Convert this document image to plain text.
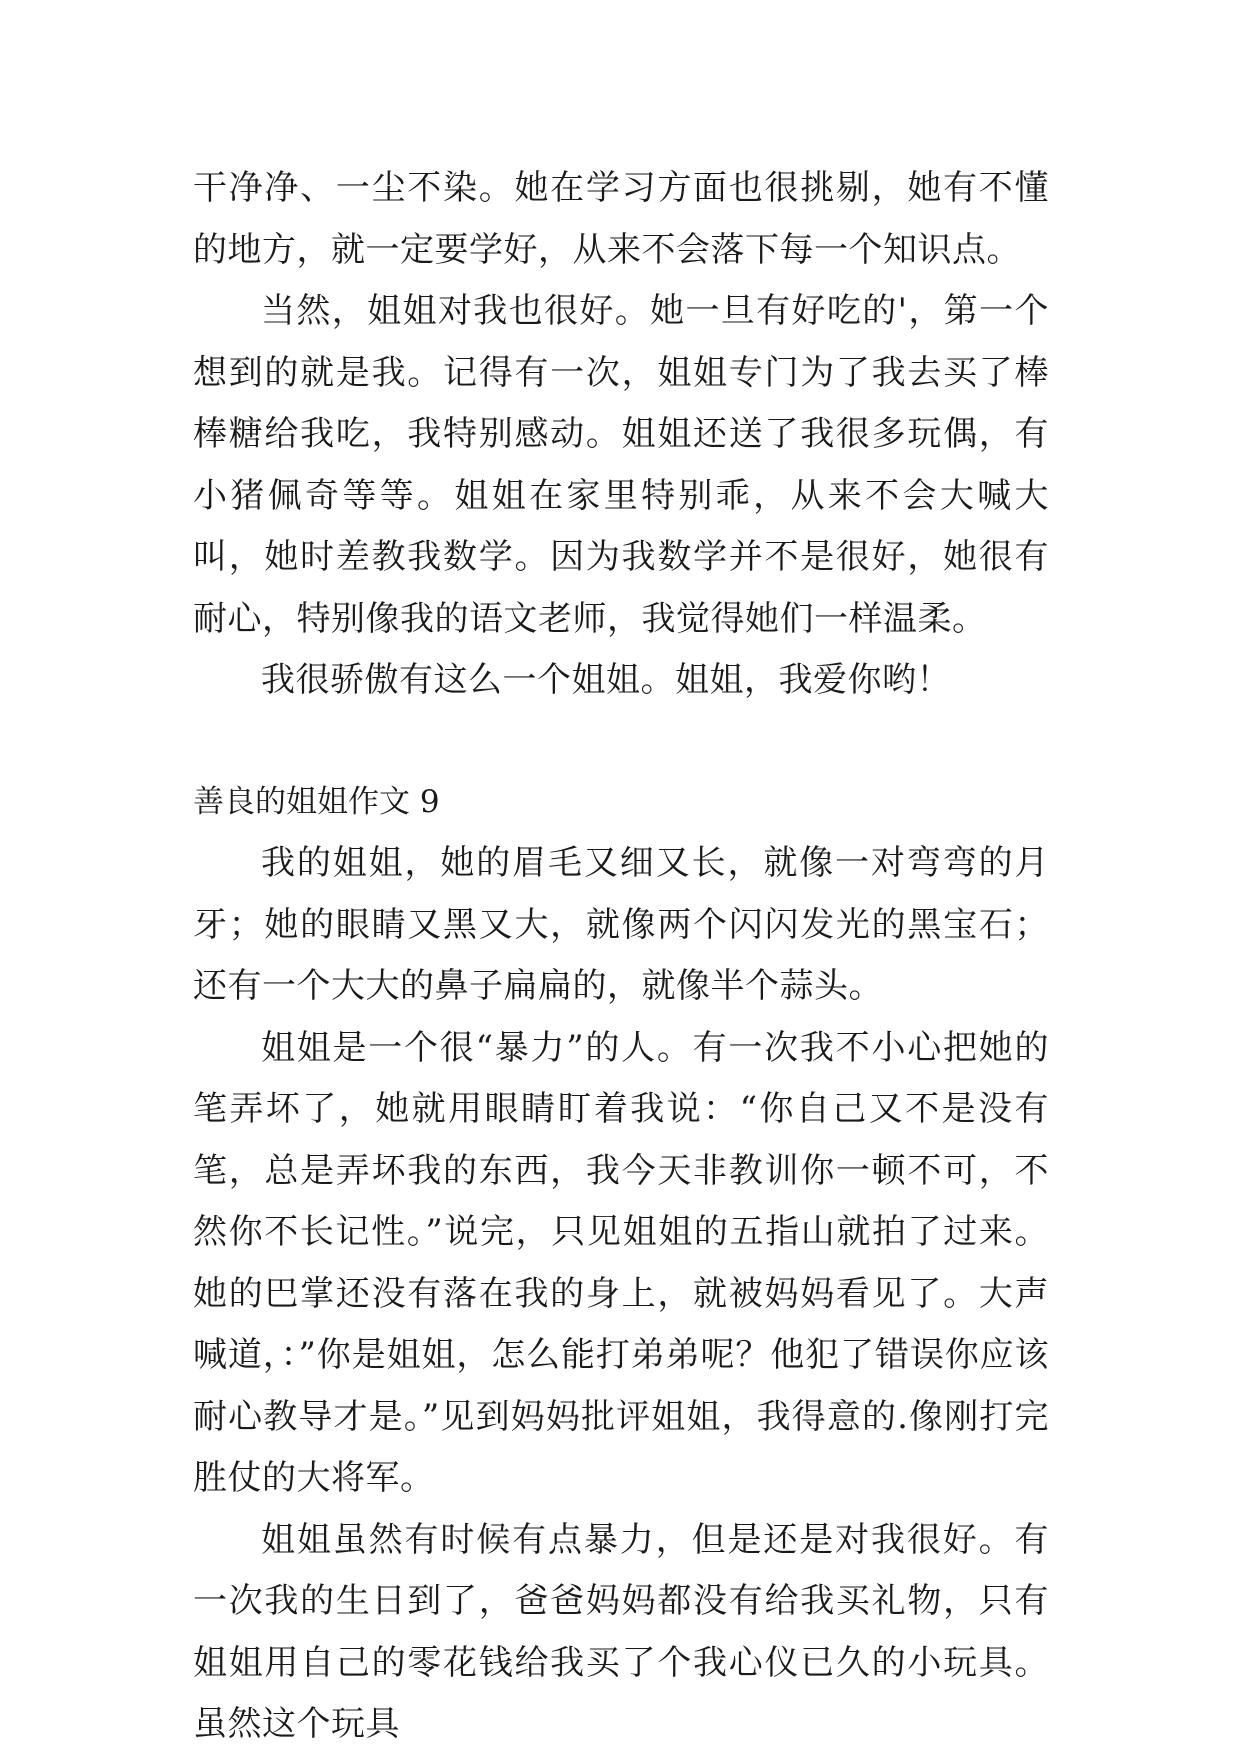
干净净、一尘不染。她在学习方面也很挑剔，她有不懂的地方，就一定要学好，从来不会落下每一个知识点。

当然，姐姐对我也很好。她一旦有好吃的'，第一个想到的就是我。记得有一次，姐姐专门为了我去买了棒棒糖给我吃，我特别感动。姐姐还送了我很多玩偶，有小猪佩奇等等。姐姐在家里特别乖，从来不会大喊大叫，她时差教我数学。因为我数学并不是很好，她很有耐心，特别像我的语文老师，我觉得她们一样温柔。

我很骄傲有这么一个姐姐。姐姐，我爱你哟！

善良的姐姐作文 9

我的姐姐，她的眉毛又细又长，就像一对弯弯的月牙；她的眼睛又黑又大，就像两个闪闪发光的黑宝石；还有一个大大的鼻子扁扁的，就像半个蒜头。

姐姐是一个很“暴力”的人。有一次我不小心把她的笔弄坏了，她就用眼睛盯着我说：“你自己又不是没有笔，总是弄坏我的东西，我今天非教训你一顿不可，不然你不长记性。”说完，只见姐姐的五指山就拍了过来。她的巴掌还没有落在我的身上，就被妈妈看见了。大声喊道，：”你是姐姐，怎么能打弟弟呢？他犯了错误你应该耐心教导才是。”见到妈妈批评姐姐，我得意的.像刚打完胜仗的大将军。

姐姐虽然有时候有点暴力，但是还是对我很好。有一次我的生日到了，爸爸妈妈都没有给我买礼物，只有姐姐用自己的零花钱给我买了个我心仪已久的小玩具。虽然这个玩具
